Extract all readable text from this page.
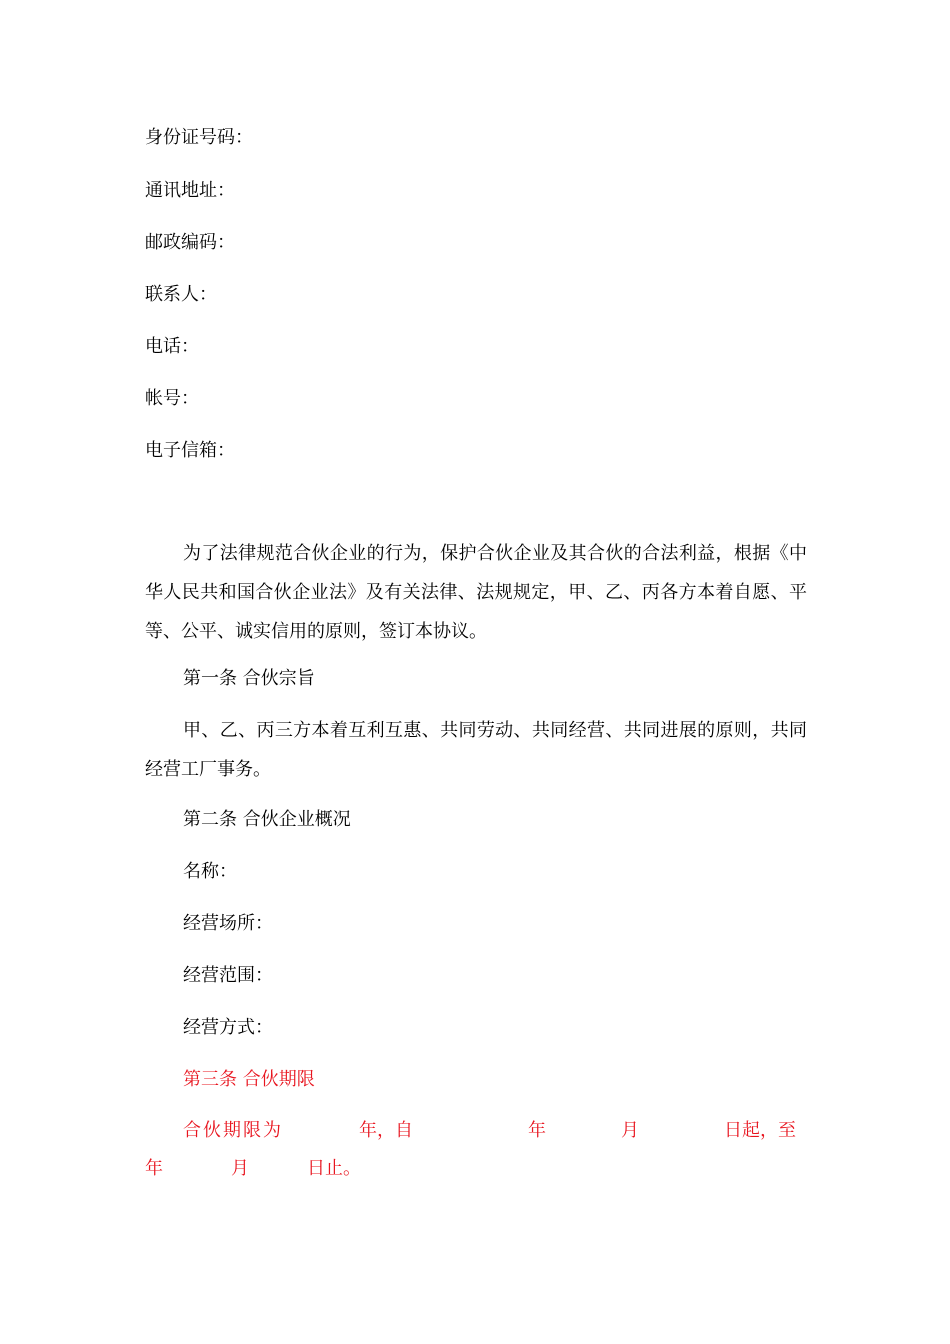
身份证号码：
通讯地址：
邮政编码：
联系人：
电话：
帐号：
电子信箱：
为了法律规范合伙企业的行为，保护合伙企业及其合伙的合法利益，根据《中华人民共和国合伙企业法》及有关法律、法规规定，甲、乙、丙各方本着自愿、平等、公平、诚实信用的原则，签订本协议。
第一条 合伙宗旨
甲、乙、丙三方本着互利互惠、共同劳动、共同经营、共同进展的原则，共同经营工厂事务。
第二条 合伙企业概况
名称：
经营场所：
经营范围：
经营方式：
第三条 合伙期限
合伙期限为	年，自	年	月	日起，至
年	月	日止。
